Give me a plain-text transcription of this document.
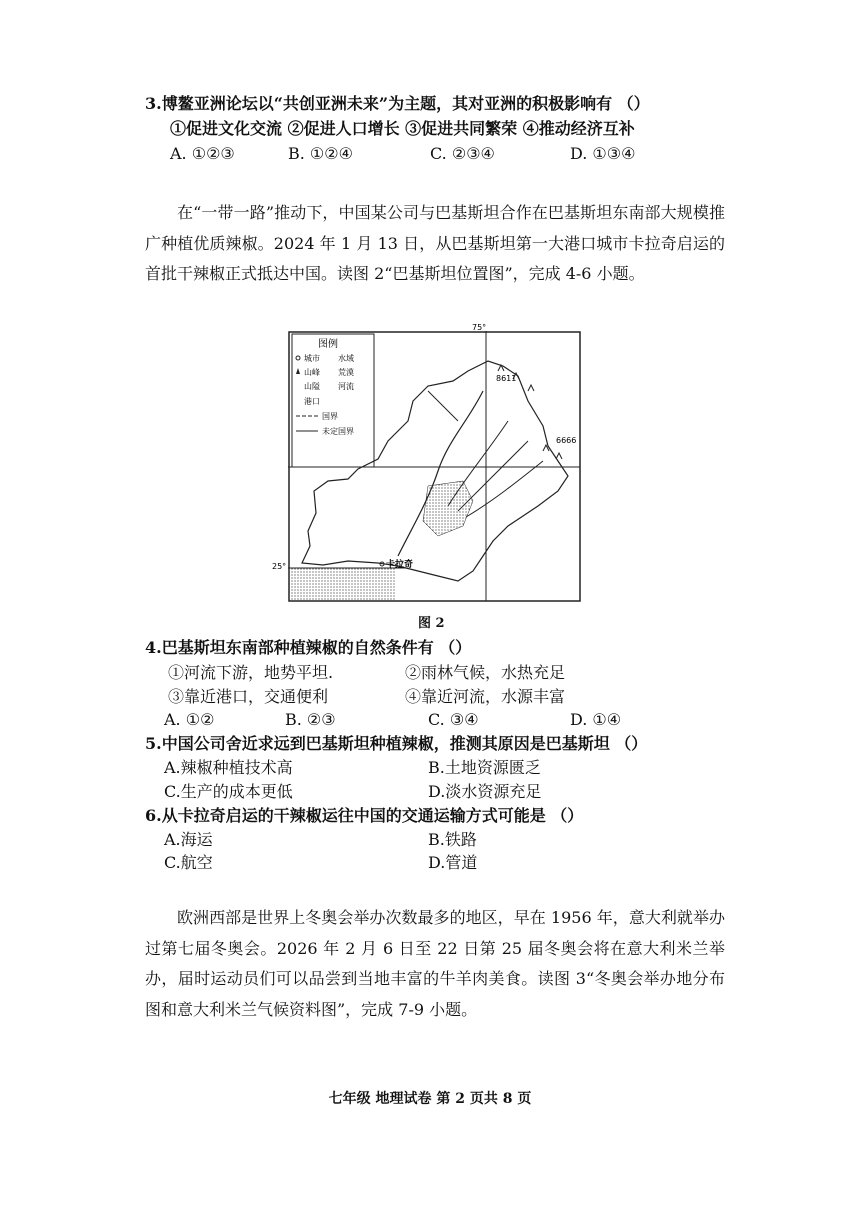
3.博鳌亚洲论坛以“共创亚洲未来”为主题，其对亚洲的积极影响有 （）
①促进文化交流 ②促进人口增长 ③促进共同繁荣 ④推动经济互补
A. ①②③	B. ①②④	C. ②③④	D. ①③④
在“一带一路”推动下，中国某公司与巴基斯坦合作在巴基斯坦东南部大规模推广种植优质辣椒。2024 年 1 月 13 日，从巴基斯坦第一大港口城市卡拉奇启运的首批干辣椒正式抵达中国。读图 2“巴基斯坦位置图”，完成 4-6 小题。
图例
城市 水域
山峰 荒漠
山隘 河流
港口
国界
未定国界
75°
25°
8611
6666
卡拉奇
图 2
4.巴基斯坦东南部种植辣椒的自然条件有 （）
①河流下游，地势平坦.	②雨林气候，水热充足
③靠近港口，交通便利	④靠近河流，水源丰富
A. ①②	B. ②③	C. ③④	D. ①④
5.中国公司舍近求远到巴基斯坦种植辣椒，推测其原因是巴基斯坦 （）
A.辣椒种植技术高	B.土地资源匮乏
C.生产的成本更低	D.淡水资源充足
6.从卡拉奇启运的干辣椒运往中国的交通运输方式可能是 （）
A.海运	B.铁路
C.航空	D.管道
欧洲西部是世界上冬奥会举办次数最多的地区，早在 1956 年，意大利就举办过第七届冬奥会。2026 年 2 月 6 日至 22 日第 25 届冬奥会将在意大利米兰举办，届时运动员们可以品尝到当地丰富的牛羊肉美食。读图 3“冬奥会举办地分布图和意大利米兰气候资料图”，完成 7-9 小题。
七年级 地理试卷 第 2 页共 8 页
